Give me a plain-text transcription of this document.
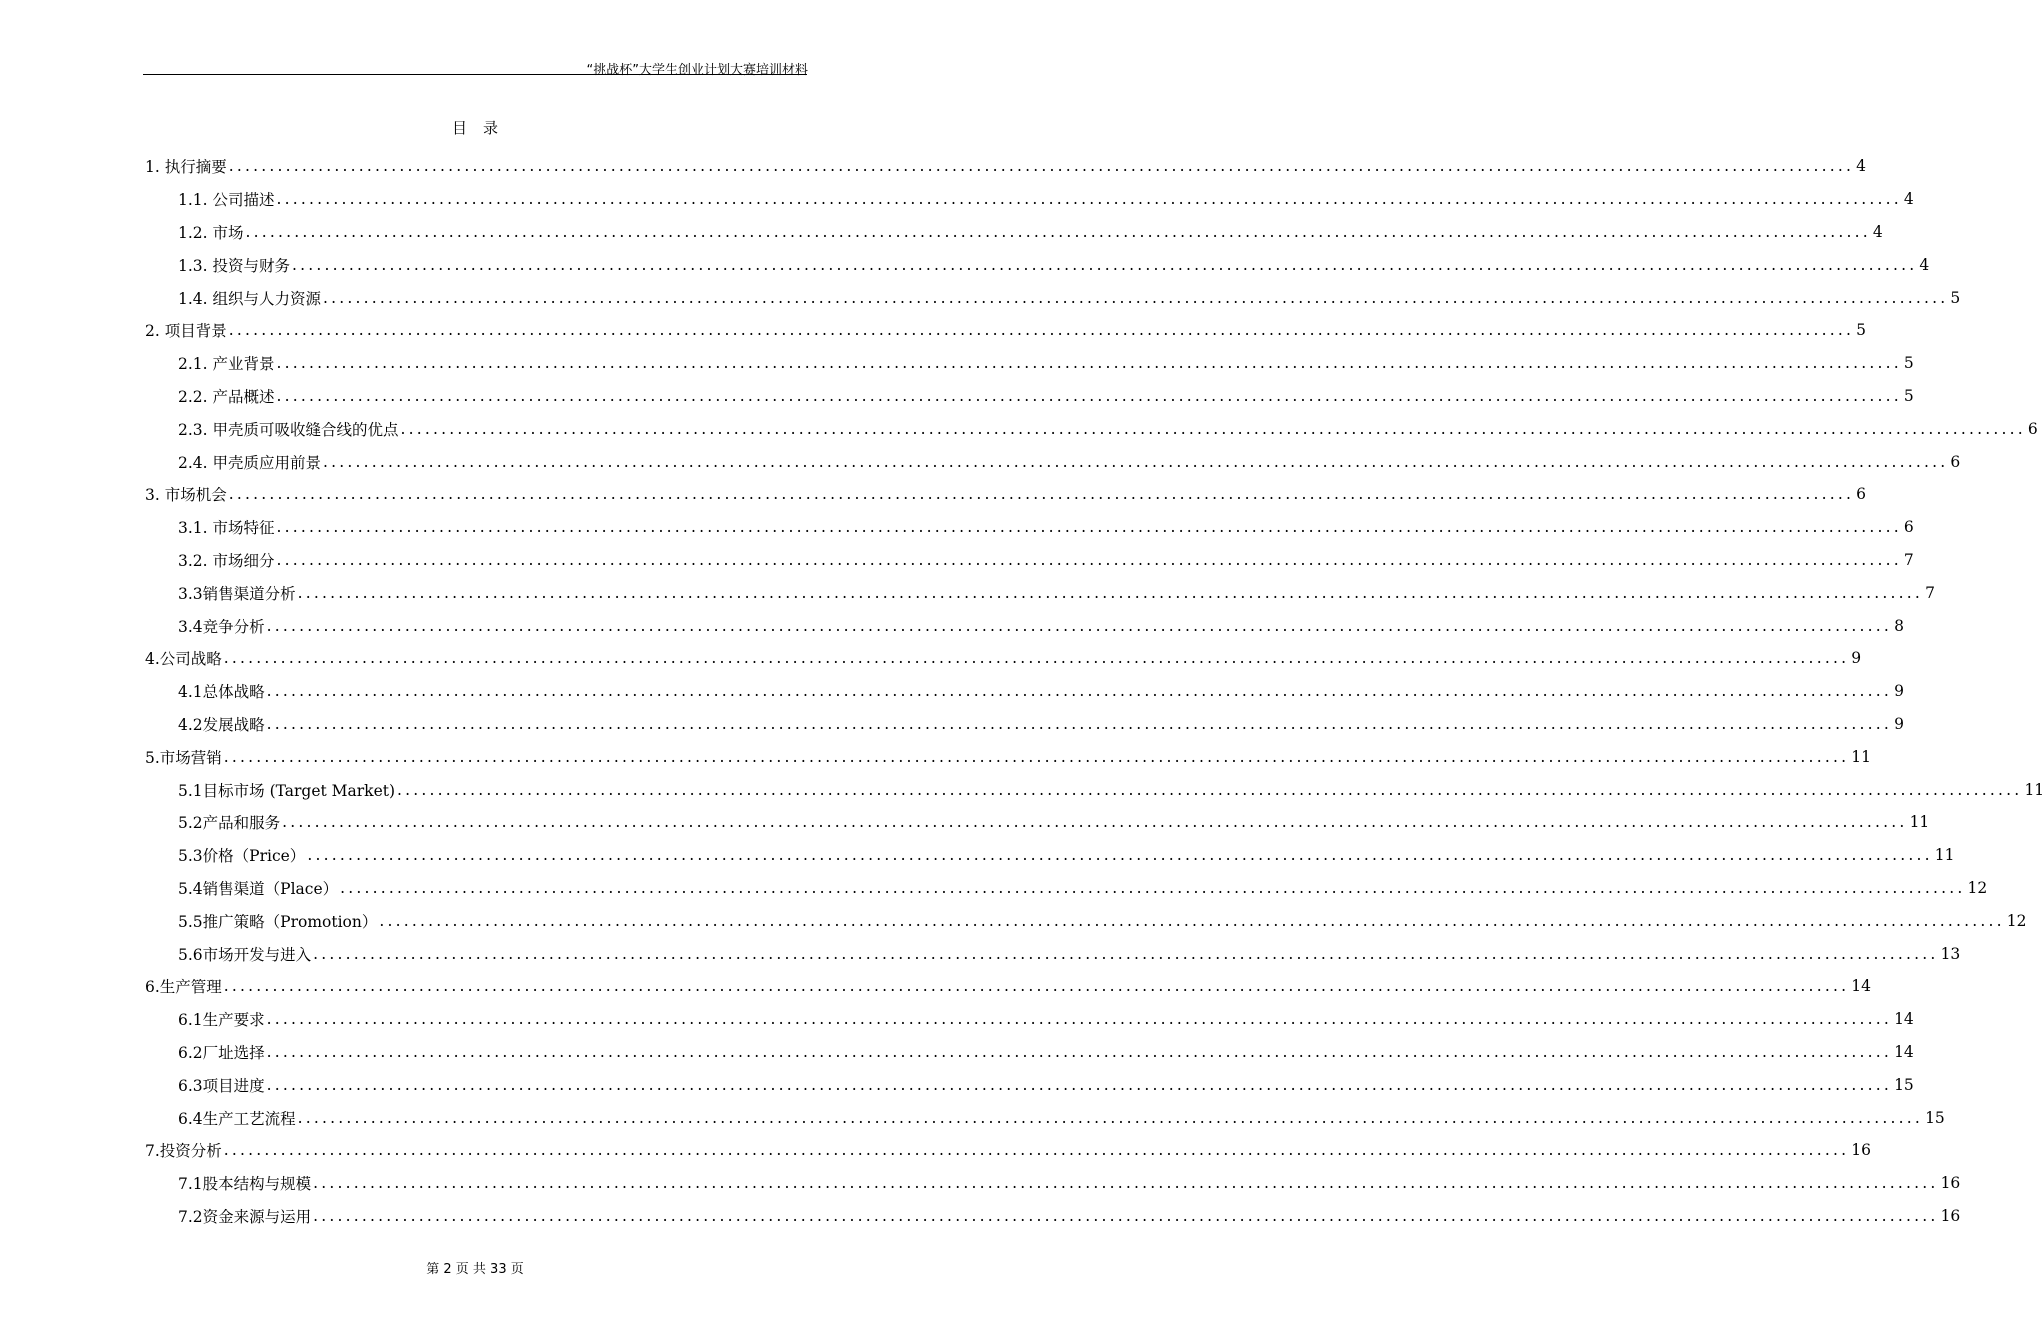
“挑战杯”大学生创业计划大赛培训材料
目录
1. 执行摘要 ........................................................................................................................................................................................................ 4
1.1. 公司描述 ........................................................................................................................................................................................................ 4
1.2. 市场 ........................................................................................................................................................................................................ 4
1.3. 投资与财务 ........................................................................................................................................................................................................ 4
1.4. 组织与人力资源 ........................................................................................................................................................................................................ 5
2. 项目背景 ........................................................................................................................................................................................................ 5
2.1. 产业背景 ........................................................................................................................................................................................................ 5
2.2. 产品概述 ........................................................................................................................................................................................................ 5
2.3. 甲壳质可吸收缝合线的优点 ........................................................................................................................................................................................................ 6
2.4. 甲壳质应用前景 ........................................................................................................................................................................................................ 6
3. 市场机会 ........................................................................................................................................................................................................ 6
3.1. 市场特征 ........................................................................................................................................................................................................ 6
3.2. 市场细分 ........................................................................................................................................................................................................ 7
3.3销售渠道分析 ........................................................................................................................................................................................................ 7
3.4竞争分析 ........................................................................................................................................................................................................ 8
4.公司战略 ........................................................................................................................................................................................................ 9
4.1总体战略 ........................................................................................................................................................................................................ 9
4.2发展战略 ........................................................................................................................................................................................................ 9
5.市场营销 ........................................................................................................................................................................................................ 11
5.1目标市场 (Target Market) ........................................................................................................................................................................................................ 11
5.2产品和服务 ........................................................................................................................................................................................................ 11
5.3价格（Price） ........................................................................................................................................................................................................ 11
5.4销售渠道（Place） ........................................................................................................................................................................................................ 12
5.5推广策略（Promotion） ........................................................................................................................................................................................................ 12
5.6市场开发与进入 ........................................................................................................................................................................................................ 13
6.生产管理 ........................................................................................................................................................................................................ 14
6.1生产要求 ........................................................................................................................................................................................................ 14
6.2厂址选择 ........................................................................................................................................................................................................ 14
6.3项目进度 ........................................................................................................................................................................................................ 15
6.4生产工艺流程 ........................................................................................................................................................................................................ 15
7.投资分析 ........................................................................................................................................................................................................ 16
7.1股本结构与规模 ........................................................................................................................................................................................................ 16
7.2资金来源与运用 ........................................................................................................................................................................................................ 16
第 2 页 共 33 页
